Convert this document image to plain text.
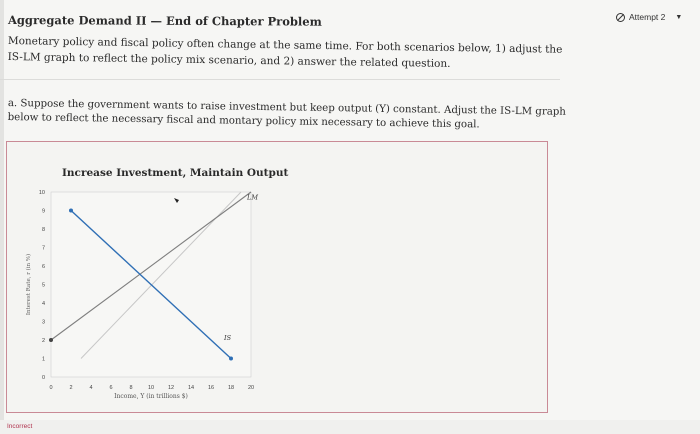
Aggregate Demand II — End of Chapter Problem	Attempt 2 ▼
Monetary policy and fiscal policy often change at the same time. For both scenarios below, 1) adjust the IS-LM graph to reflect the policy mix scenario, and 2) answer the related question.
a. Suppose the government wants to raise investment but keep output (Y) constant. Adjust the IS-LM graph below to reflect the necessary fiscal and montary policy mix necessary to achieve this goal.
Increase Investment, Maintain Output
0
1
2
3
4
5
6
7
8
9
10
0	2	4	6	8	10	12	14	16	18	20
Income, Y (in trillions $)
Interest Rate, r (in %)
LM
IS
Incorrect
